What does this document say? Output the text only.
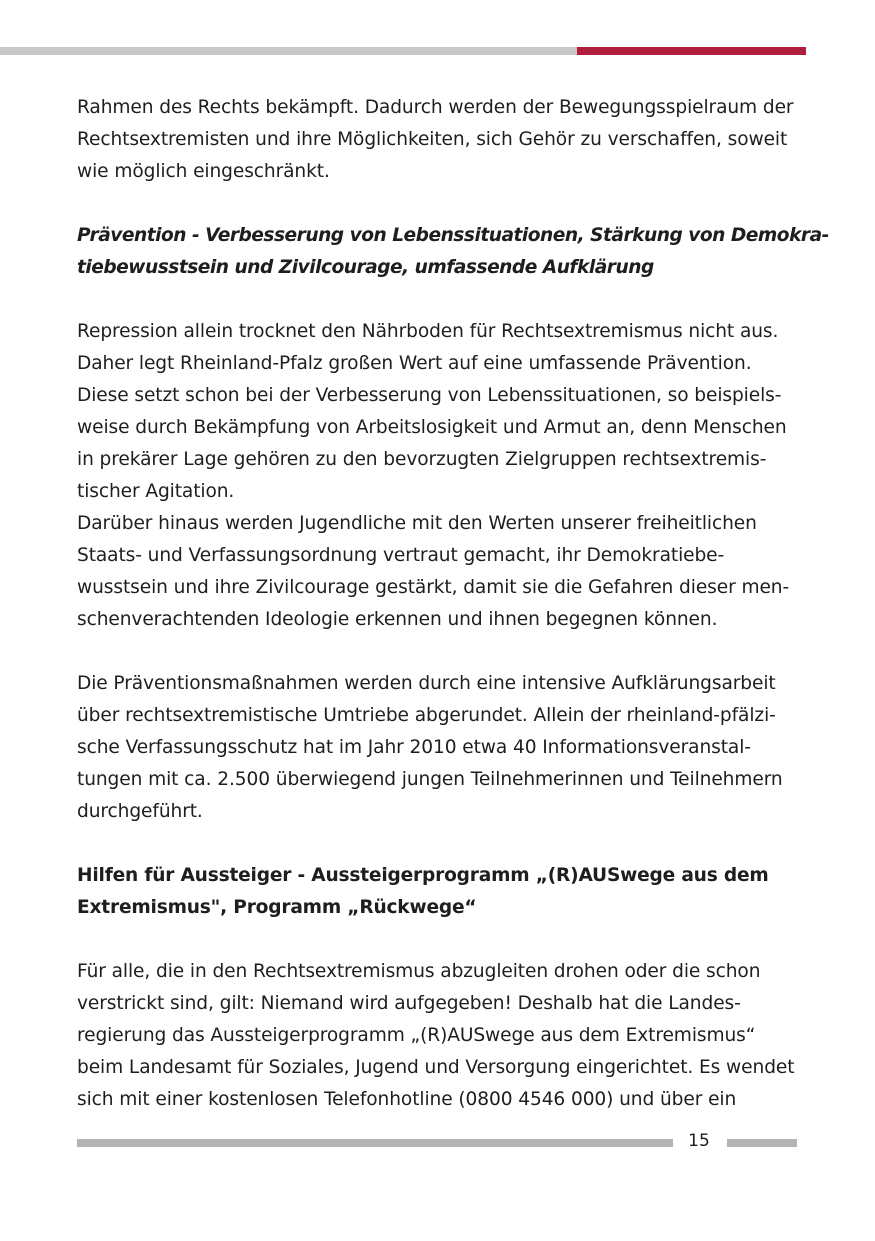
Rahmen des Rechts bekämpft. Dadurch werden der Bewegungsspielraum der
Rechtsextremisten und ihre Möglichkeiten, sich Gehör zu verschaffen, soweit
wie möglich eingeschränkt.

Prävention - Verbesserung von Lebenssituationen, Stärkung von Demokra-
tiebewusstsein und Zivilcourage, umfassende Aufklärung

Repression allein trocknet den Nährboden für Rechtsextremismus nicht aus.
Daher legt Rheinland-Pfalz großen Wert auf eine umfassende Prävention.
Diese setzt schon bei der Verbesserung von Lebenssituationen, so beispiels-
weise durch Bekämpfung von Arbeitslosigkeit und Armut an, denn Menschen
in prekärer Lage gehören zu den bevorzugten Zielgruppen rechtsextremis-
tischer Agitation.
Darüber hinaus werden Jugendliche mit den Werten unserer freiheitlichen
Staats- und Verfassungsordnung vertraut gemacht, ihr Demokratiebe-
wusstsein und ihre Zivilcourage gestärkt, damit sie die Gefahren dieser men-
schenverachtenden Ideologie erkennen und ihnen begegnen können.

Die Präventionsmaßnahmen werden durch eine intensive Aufklärungsarbeit
über rechtsextremistische Umtriebe abgerundet. Allein der rheinland-pfälzi-
sche Verfassungsschutz hat im Jahr 2010 etwa 40 Informationsveranstal-
tungen mit ca. 2.500 überwiegend jungen Teilnehmerinnen und Teilnehmern
durchgeführt.

Hilfen für Aussteiger - Aussteigerprogramm „(R)AUSwege aus dem
Extremismus", Programm „Rückwege“

Für alle, die in den Rechtsextremismus abzugleiten drohen oder die schon
verstrickt sind, gilt: Niemand wird aufgegeben! Deshalb hat die Landes-
regierung das Aussteigerprogramm „(R)AUSwege aus dem Extremismus“
beim Landesamt für Soziales, Jugend und Versorgung eingerichtet. Es wendet
sich mit einer kostenlosen Telefonhotline (0800 4546 000) und über ein

15
